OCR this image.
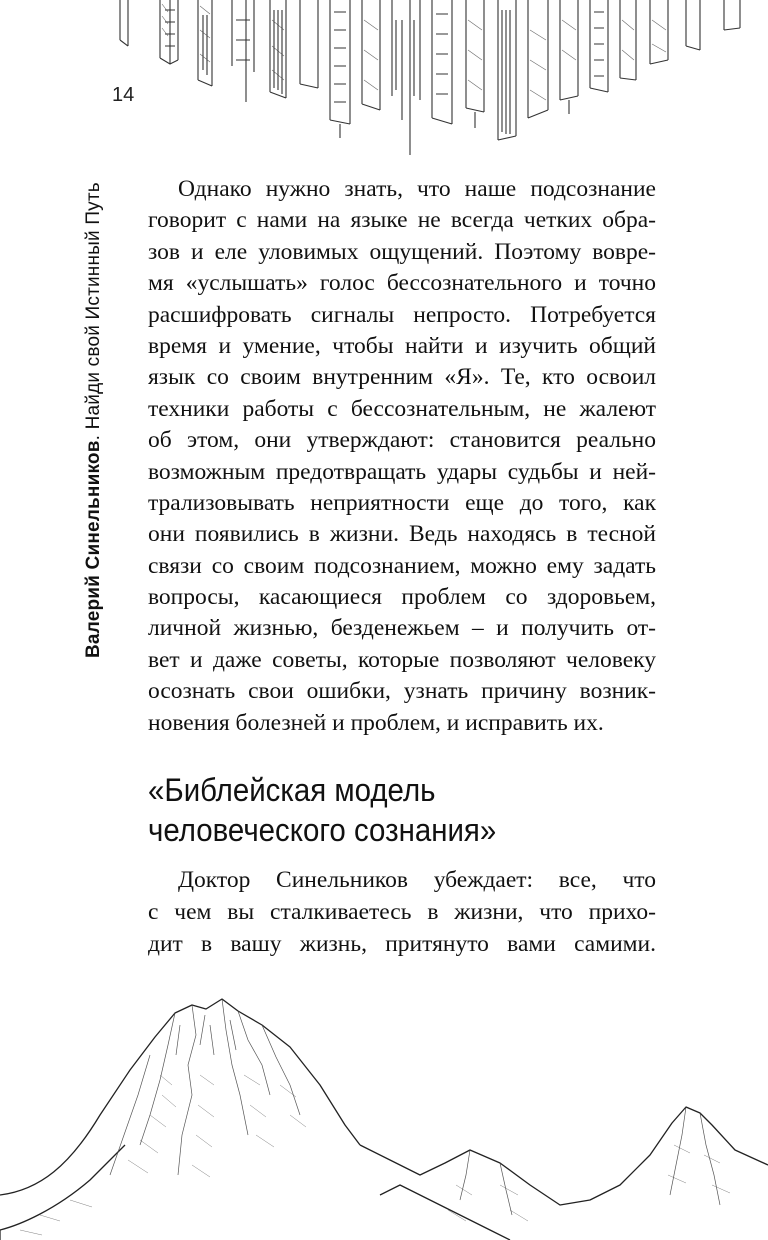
14
Валерий Синельников. Найди свой Истинный Путь	Однако нужно знать, что наше подсознание
говорит с нами на языке не всегда четких обра-
зов и еле уловимых ощущений. Поэтому вовре-
мя «услышать» голос бессознательного и точно
расшифровать сигналы непросто. Потребуется
время и умение, чтобы найти и изучить общий
язык со своим внутренним «Я». Те, кто освоил
техники работы с бессознательным, не жалеют
об этом, они утверждают: становится реально
возможным предотвращать удары судьбы и ней-
трализовывать неприятности еще до того, как
они появились в жизни. Ведь находясь в тесной
связи со своим подсознанием, можно ему задать
вопросы, касающиеся проблем со здоровьем,
личной жизнью, безденежьем – и получить от-
вет и даже советы, которые позволяют человеку
осознать свои ошибки, узнать причину возник-
новения болезней и проблем, и исправить их.
«Библейская модель
человеческого сознания»
Доктор Синельников убеждает: все, что
с чем вы сталкиваетесь в жизни, что прихо-
дит в вашу жизнь, притянуто вами самими.
